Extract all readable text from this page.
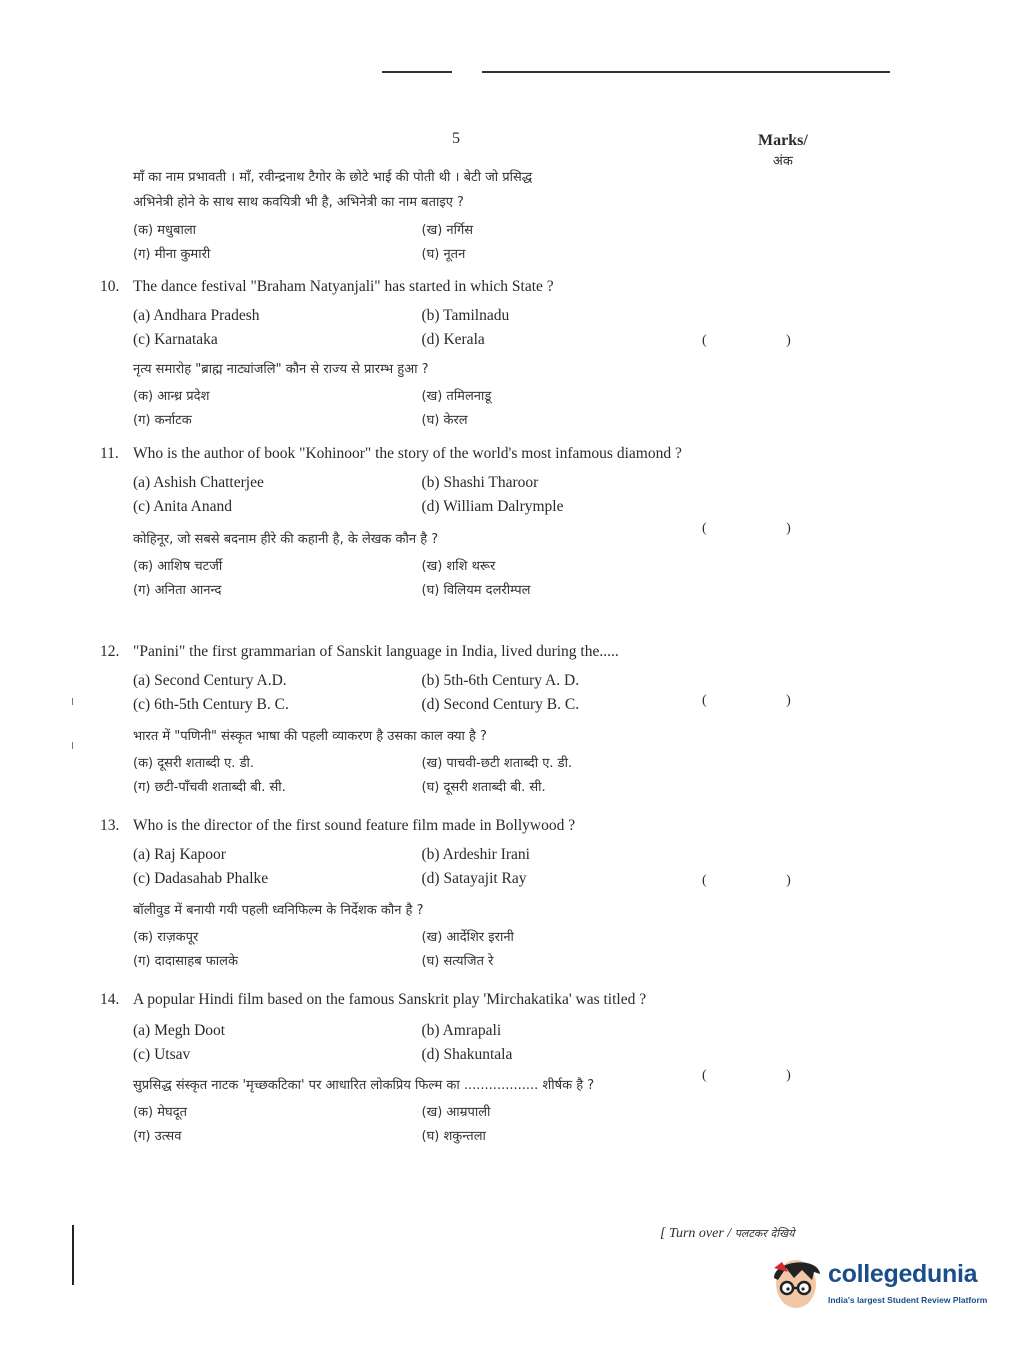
5	Marks/
अंक
माँ का नाम प्रभावती । माँ, रवीन्द्रनाथ टैगोर के छोटे भाई की पोती थी । बेटी जो प्रसिद्ध
अभिनेत्री होने के साथ साथ कवयित्री भी है, अभिनेत्री का नाम बताइए ?
(क) मधुबाला	(ख) नर्गिस
(ग) मीना कुमारी	(घ) नूतन
10. The dance festival "Braham Natyanjali" has started in which State ?
(a) Andhara Pradesh	(b) Tamilnadu
(c) Karnataka	(d) Kerala
नृत्य समारोह "ब्राह्म नाट्यांजलि" कौन से राज्य से प्रारम्भ हुआ ?
(क) आन्ध्र प्रदेश	(ख) तमिलनाडू
(ग) कर्नाटक	(घ) केरल
( )
11. Who is the author of book "Kohinoor" the story of the world's most infamous diamond ?
(a) Ashish Chatterjee	(b) Shashi Tharoor
(c) Anita Anand	(d) William Dalrymple
कोहिनूर, जो सबसे बदनाम हीरे की कहानी है, के लेखक कौन है ?
(क) आशिष चटर्जी	(ख) शशि थरूर
(ग) अनिता आनन्द	(घ) विलियम दलरीम्पल
( )
12. "Panini" the first grammarian of Sanskit language in India, lived during the.....
(a) Second Century A.D.	(b) 5th-6th Century A. D.
(c) 6th-5th Century B. C.	(d) Second Century B. C.
भारत में "पणिनी" संस्कृत भाषा की पहली व्याकरण है उसका काल क्या है ?
(क) दूसरी शताब्दी ए. डी.	(ख) पाचवी-छटी शताब्दी ए. डी.
(ग) छटी-पाँचवी शताब्दी बी. सी.	(घ) दूसरी शताब्दी बी. सी.
( )
13. Who is the director of the first sound feature film made in Bollywood ?
(a) Raj Kapoor	(b) Ardeshir Irani
(c) Dadasahab Phalke	(d) Satayajit Ray
बॉलीवुड में बनायी गयी पहली ध्वनिफिल्म के निर्देशक कौन है ?
(क) राज़कपूर	(ख) आर्देशिर इरानी
(ग) दादासाहब फालके	(घ) सत्यजित रे
( )
14. A popular Hindi film based on the famous Sanskrit play 'Mirchakatika' was titled ?
(a) Megh Doot	(b) Amrapali
(c) Utsav	(d) Shakuntala
सुप्रसिद्ध संस्कृत नाटक 'मृच्छकटिका' पर आधारित लोकप्रिय फिल्म का .................. शीर्षक है ?
(क) मेघदूत	(ख) आम्रपाली
(ग) उत्सव	(घ) शकुन्तला
( )
[ Turn over / पलटकर देखिये
collegedunia
India's largest Student Review Platform
